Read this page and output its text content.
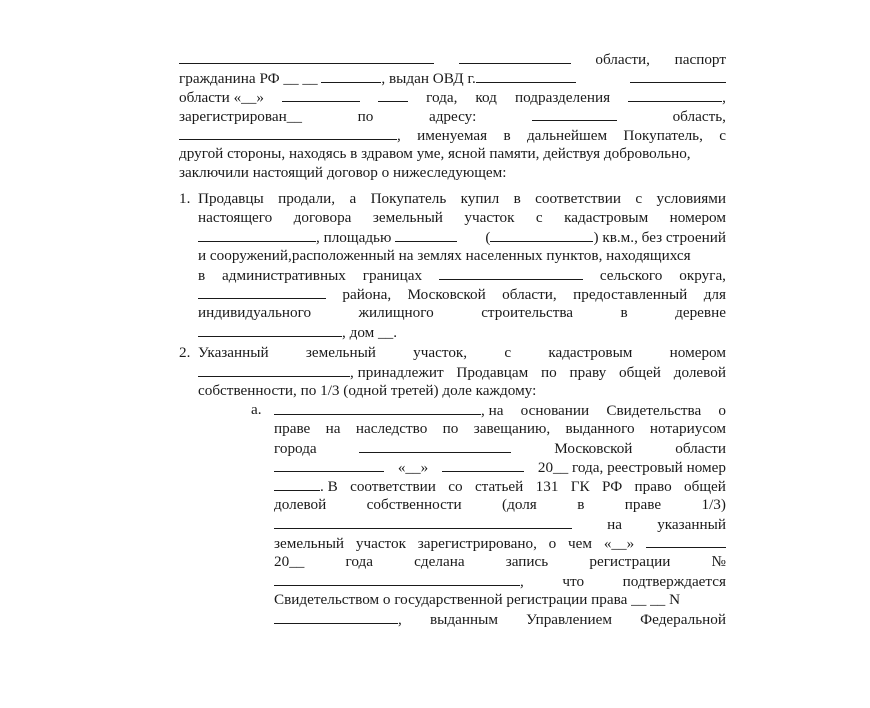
области, паспорт
гражданина РФ __ __	, выдан ОВД г.
области «__»	года, код подразделения	,
зарегистрирован__	по	адресу:	область,
, именуемая в дальнейшем Покупатель, с
другой стороны, находясь в здравом уме, ясной памяти, действуя добровольно,
заключили настоящий договор о нижеследующем:
1. Продавцы продали, а Покупатель купил в соответствии с условиями
настоящего договора земельный участок с кадастровым номером
, площадью	(	) кв.м., без строений
и сооружений,расположенный на землях населенных пунктов, находящихся
в административных границах	сельского округа,
района, Московской области, предоставленный для
индивидуального	жилищного	строительства	в	деревне
, дом __.
2. Указанный земельный участок, с кадастровым номером
, принадлежит Продавцам по праву общей долевой
собственности, по 1/3 (одной третей) доле каждому:
a.	, на основании Свидетельства о
праве на наследство по завещанию, выданного нотариусом
города	Московской	области
«__»	20__ года, реестровый номер
. В соответствии со статьей 131 ГК РФ право общей
долевой	собственности	(доля	в	праве	1/3)
на указанный
земельный участок зарегистрировано, о чем «__»
20__	года	сделана	запись	регистрации	№
,	что	подтверждается
Свидетельством о государственной регистрации права __ __ N
, выданным Управлением Федеральной
